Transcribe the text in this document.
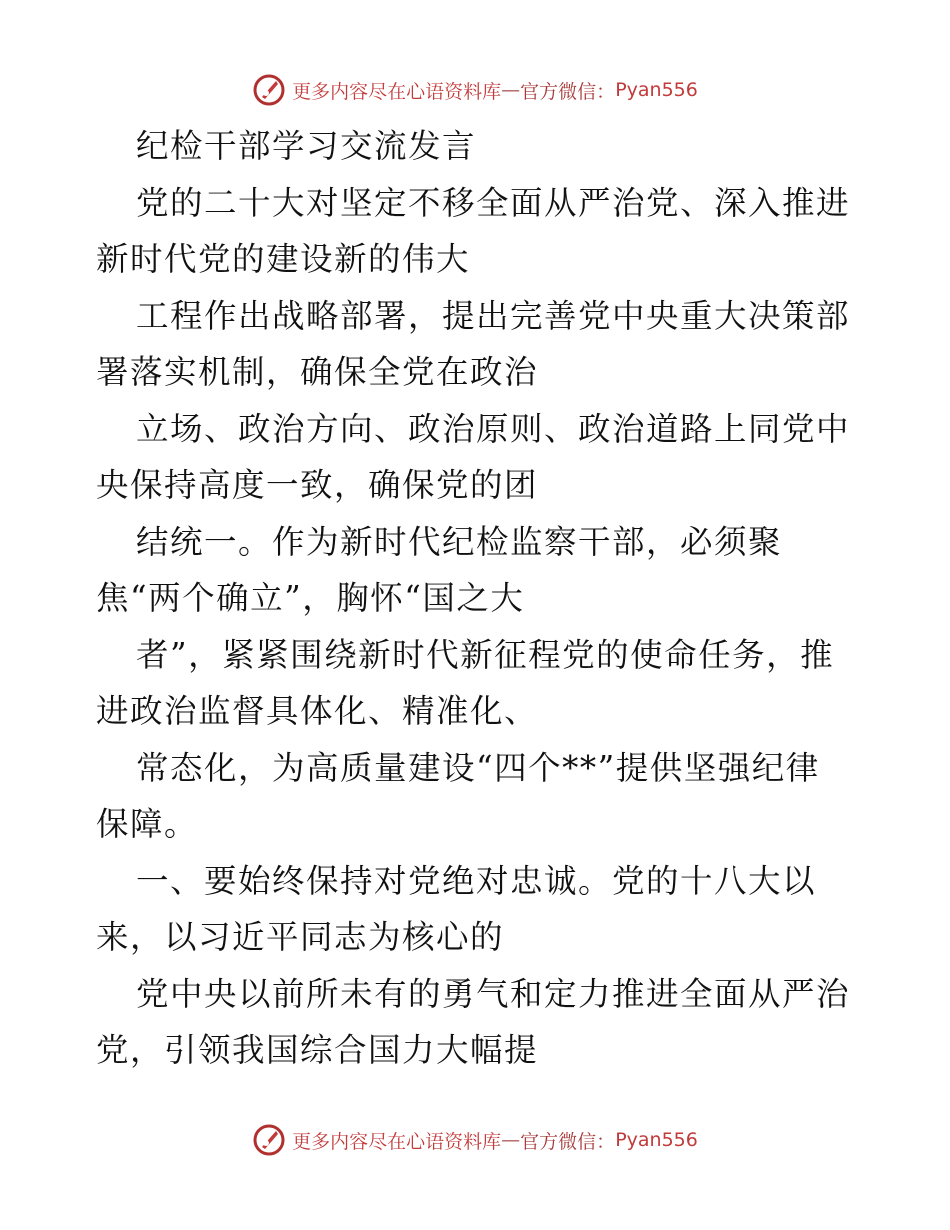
更多内容尽在心语资料库 — 官方微信： Pyan556
纪检干部学习交流发言
党的二十大对坚定不移全面从严治党、深入推进
新时代党的建设新的伟大
工程作出战略部署，提出完善党中央重大决策部
署落实机制，确保全党在政治
立场、政治方向、政治原则、政治道路上同党中
央保持高度一致，确保党的团
结统一。作为新时代纪检监察干部，必须聚
焦“两个确立”，胸怀“国之大
者”，紧紧围绕新时代新征程党的使命任务，推
进政治监督具体化、精准化、
常态化，为高质量建设“四个**”提供坚强纪律
保障。
一、要始终保持对党绝对忠诚。党的十八大以
来，以习近平同志为核心的
党中央以前所未有的勇气和定力推进全面从严治
党，引领我国综合国力大幅提
更多内容尽在心语资料库 — 官方微信： Pyan556
